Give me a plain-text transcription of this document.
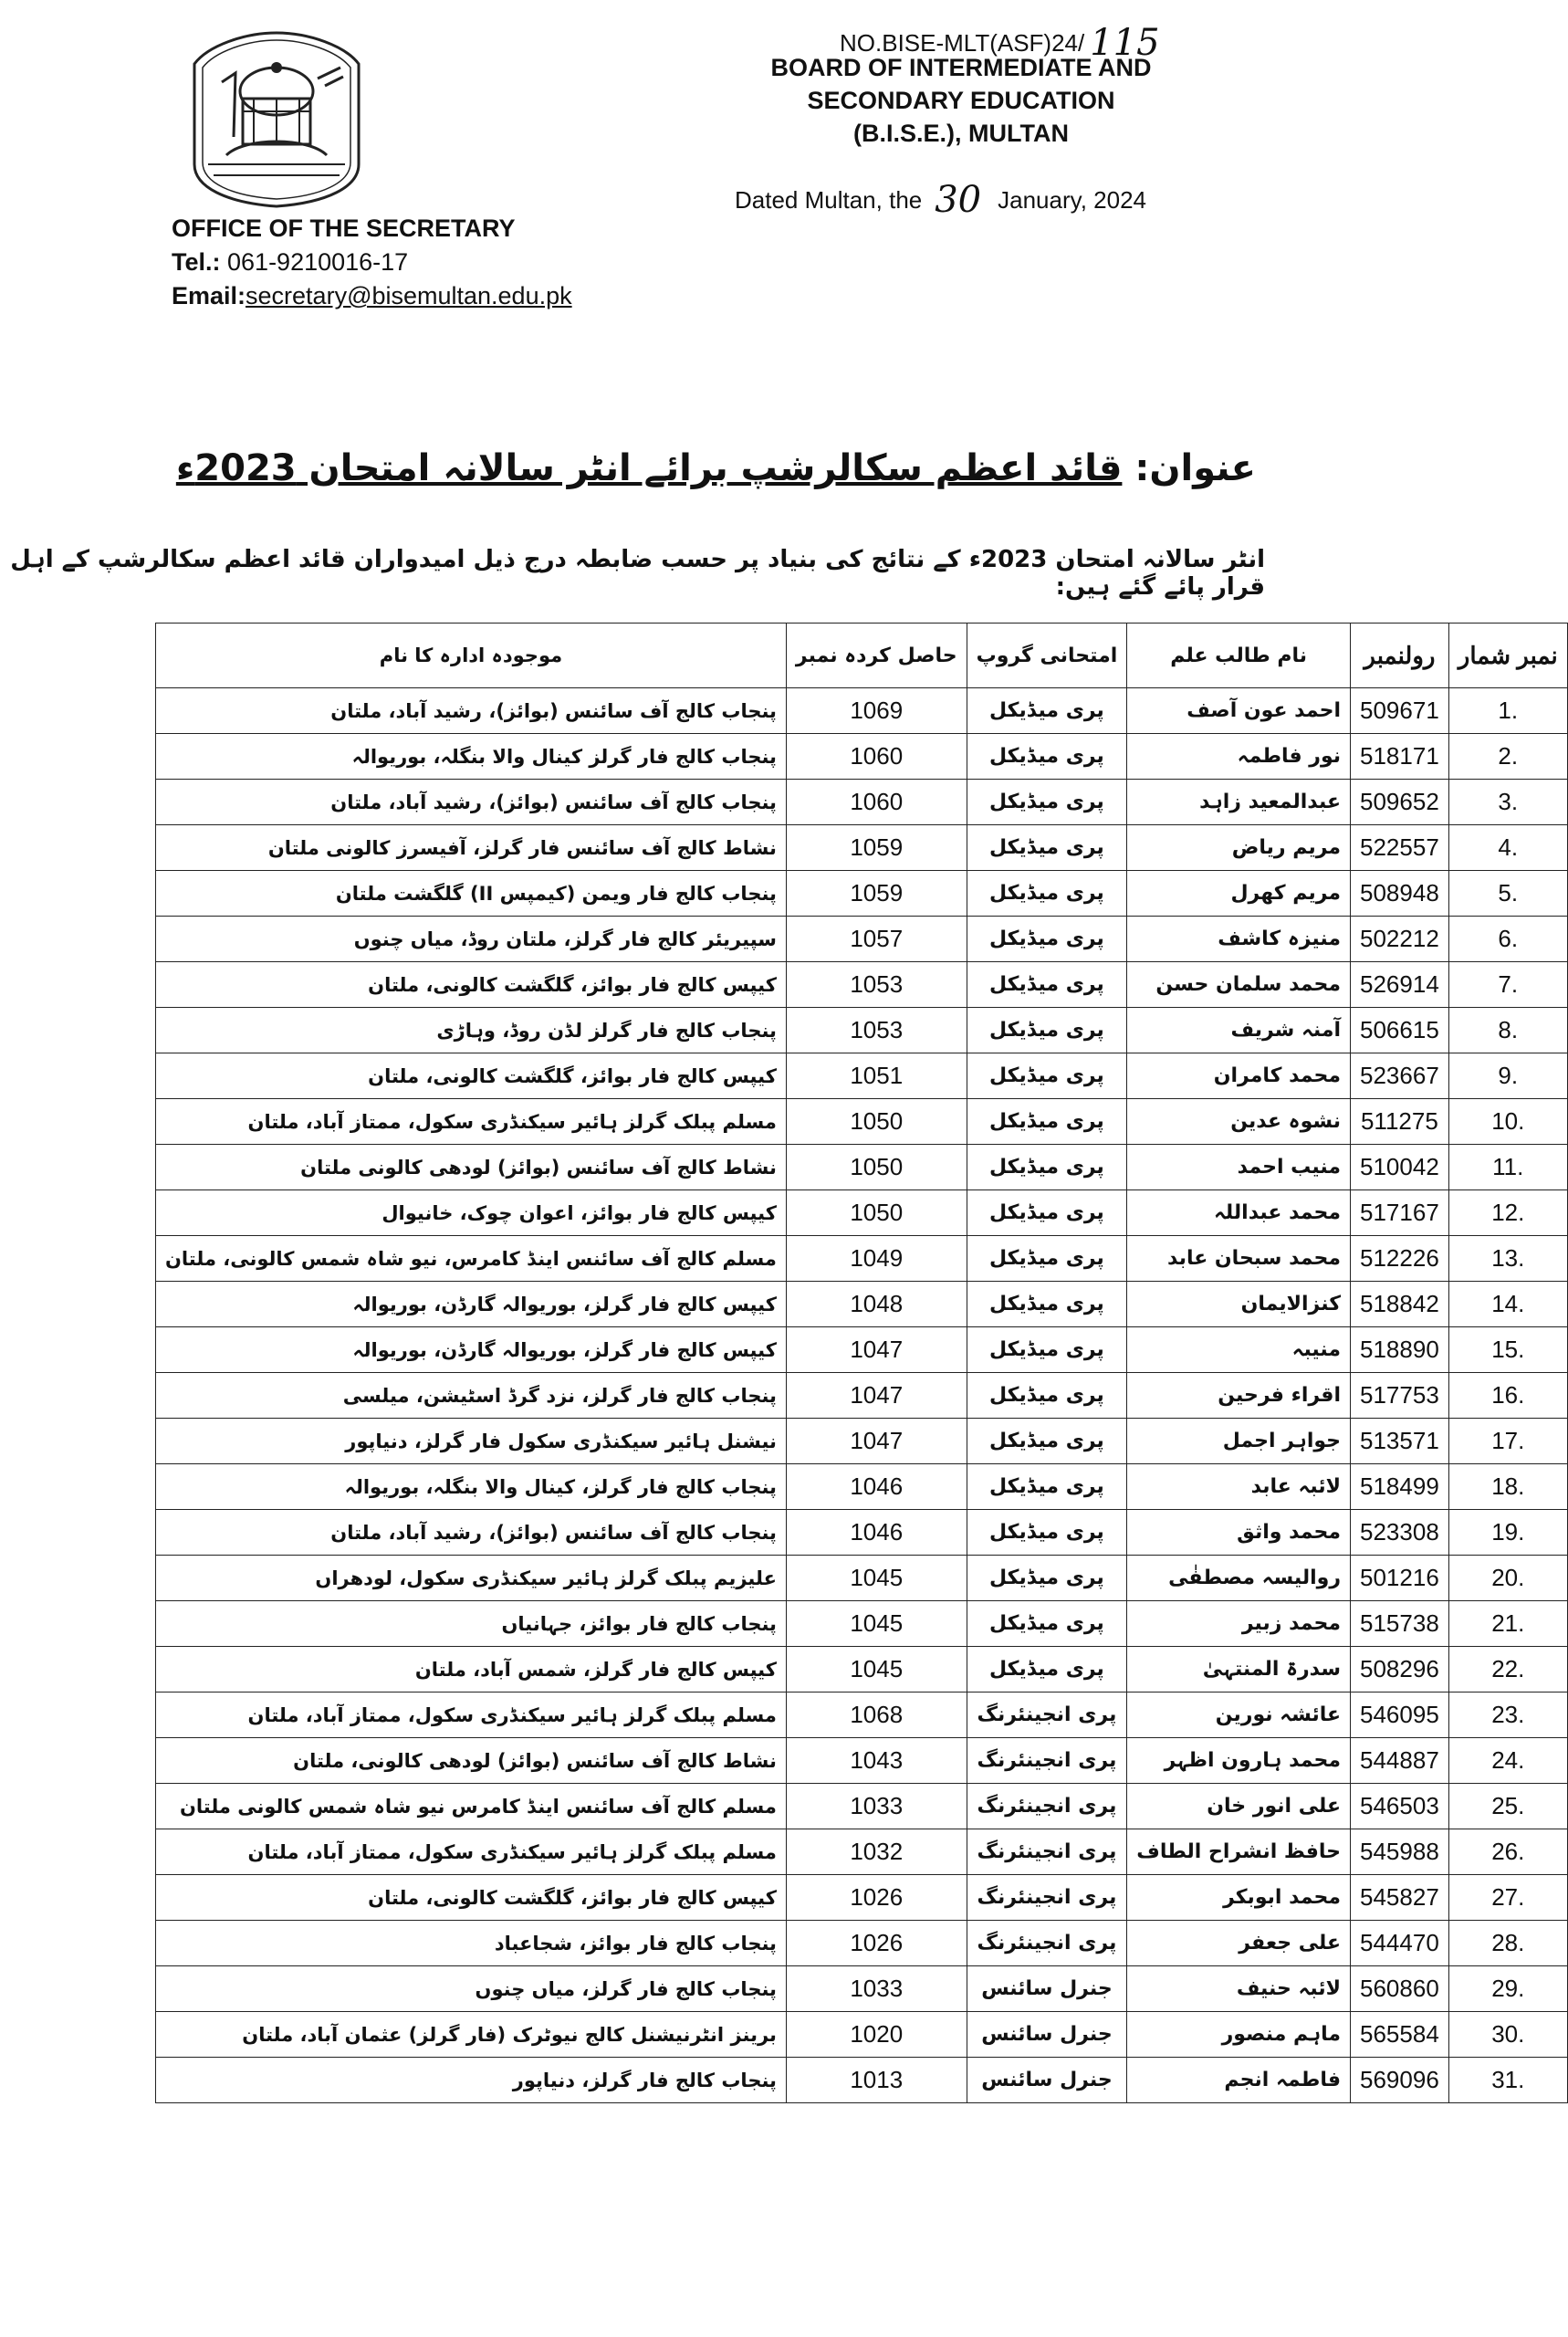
NO.BISE-MLT(ASF)24/ 115
BOARD OF INTERMEDIATE AND
SECONDARY EDUCATION
(B.I.S.E.), MULTAN
Dated Multan, the 30 January, 2024
OFFICE OF THE SECRETARY
Tel.: 061-9210016-17
Email:secretary@bisemultan.edu.pk
عنوان:قائد اعظم سکالرشپ برائے انٹر سالانہ امتحان 2023ء
انٹر سالانہ امتحان 2023ء کے نتائج کی بنیاد پر حسب ضابطہ درج ذیل امیدواران قائد اعظم سکالرشپ کے اہل قرار پائے گئے ہیں:
نمبر شمار	رولنمبر	نام طالب علم	امتحانی گروپ	حاصل کردہ نمبر	موجودہ ادارہ کا نام
.1	509671	احمد عون آصف	پری میڈیکل	1069	پنجاب کالج آف سائنس (بوائز)، رشید آباد، ملتان
.2	518171	نور فاطمہ	پری میڈیکل	1060	پنجاب کالج فار گرلز کینال والا بنگلہ، بوریوالہ
.3	509652	عبدالمعید زاہد	پری میڈیکل	1060	پنجاب کالج آف سائنس (بوائز)، رشید آباد، ملتان
.4	522557	مریم ریاض	پری میڈیکل	1059	نشاط کالج آف سائنس فار گرلز، آفیسرز کالونی ملتان
.5	508948	مریم کھرل	پری میڈیکل	1059	پنجاب کالج فار ویمن (کیمپس II) گلگشت ملتان
.6	502212	منیزہ کاشف	پری میڈیکل	1057	سپیریئر کالج فار گرلز، ملتان روڈ، میاں چنوں
.7	526914	محمد سلمان حسن	پری میڈیکل	1053	کیپس کالج فار بوائز، گلگشت کالونی، ملتان
.8	506615	آمنہ شریف	پری میڈیکل	1053	پنجاب کالج فار گرلز لڈن روڈ، وہاڑی
.9	523667	محمد کامران	پری میڈیکل	1051	کیپس کالج فار بوائز، گلگشت کالونی، ملتان
.10	511275	نشوہ عدین	پری میڈیکل	1050	مسلم پبلک گرلز ہائیر سیکنڈری سکول، ممتاز آباد، ملتان
.11	510042	منیب احمد	پری میڈیکل	1050	نشاط کالج آف سائنس (بوائز) لودھی کالونی ملتان
.12	517167	محمد عبداللہ	پری میڈیکل	1050	کیپس کالج فار بوائز، اعوان چوک، خانیوال
.13	512226	محمد سبحان عابد	پری میڈیکل	1049	مسلم کالج آف سائنس اینڈ کامرس، نیو شاہ شمس کالونی، ملتان
.14	518842	کنزالایمان	پری میڈیکل	1048	کیپس کالج فار گرلز، بوریوالہ گارڈن، بوریوالہ
.15	518890	منیبہ	پری میڈیکل	1047	کیپس کالج فار گرلز، بوریوالہ گارڈن، بوریوالہ
.16	517753	اقراء فرحین	پری میڈیکل	1047	پنجاب کالج فار گرلز، نزد گرڈ اسٹیشن، میلسی
.17	513571	جواہر اجمل	پری میڈیکل	1047	نیشنل ہائیر سیکنڈری سکول فار گرلز، دنیاپور
.18	518499	لائبہ عابد	پری میڈیکل	1046	پنجاب کالج فار گرلز، کینال والا بنگلہ، بوریوالہ
.19	523308	محمد واثق	پری میڈیکل	1046	پنجاب کالج آف سائنس (بوائز)، رشید آباد، ملتان
.20	501216	روالیسہ مصطفٰی	پری میڈیکل	1045	علیزیم پبلک گرلز ہائیر سیکنڈری سکول، لودھراں
.21	515738	محمد زبیر	پری میڈیکل	1045	پنجاب کالج فار بوائز، جہانیاں
.22	508296	سدرۃ المنتہیٰ	پری میڈیکل	1045	کیپس کالج فار گرلز، شمس آباد، ملتان
.23	546095	عائشہ نورین	پری انجینئرنگ	1068	مسلم پبلک گرلز ہائیر سیکنڈری سکول، ممتاز آباد، ملتان
.24	544887	محمد ہارون اظہر	پری انجینئرنگ	1043	نشاط کالج آف سائنس (بوائز) لودھی کالونی، ملتان
.25	546503	علی انور خان	پری انجینئرنگ	1033	مسلم کالج آف سائنس اینڈ کامرس نیو شاہ شمس کالونی ملتان
.26	545988	حافظ انشراح الطاف	پری انجینئرنگ	1032	مسلم پبلک گرلز ہائیر سیکنڈری سکول، ممتاز آباد، ملتان
.27	545827	محمد ابوبکر	پری انجینئرنگ	1026	کیپس کالج فار بوائز، گلگشت کالونی، ملتان
.28	544470	علی جعفر	پری انجینئرنگ	1026	پنجاب کالج فار بوائز، شجاعباد
.29	560860	لائبہ حنیف	جنرل سائنس	1033	پنجاب کالج فار گرلز، میاں چنوں
.30	565584	ماہم منصور	جنرل سائنس	1020	برینز انٹرنیشنل کالج نیوٹرک (فار گرلز) عثمان آباد، ملتان
.31	569096	فاطمہ انجم	جنرل سائنس	1013	پنجاب کالج فار گرلز، دنیاپور
